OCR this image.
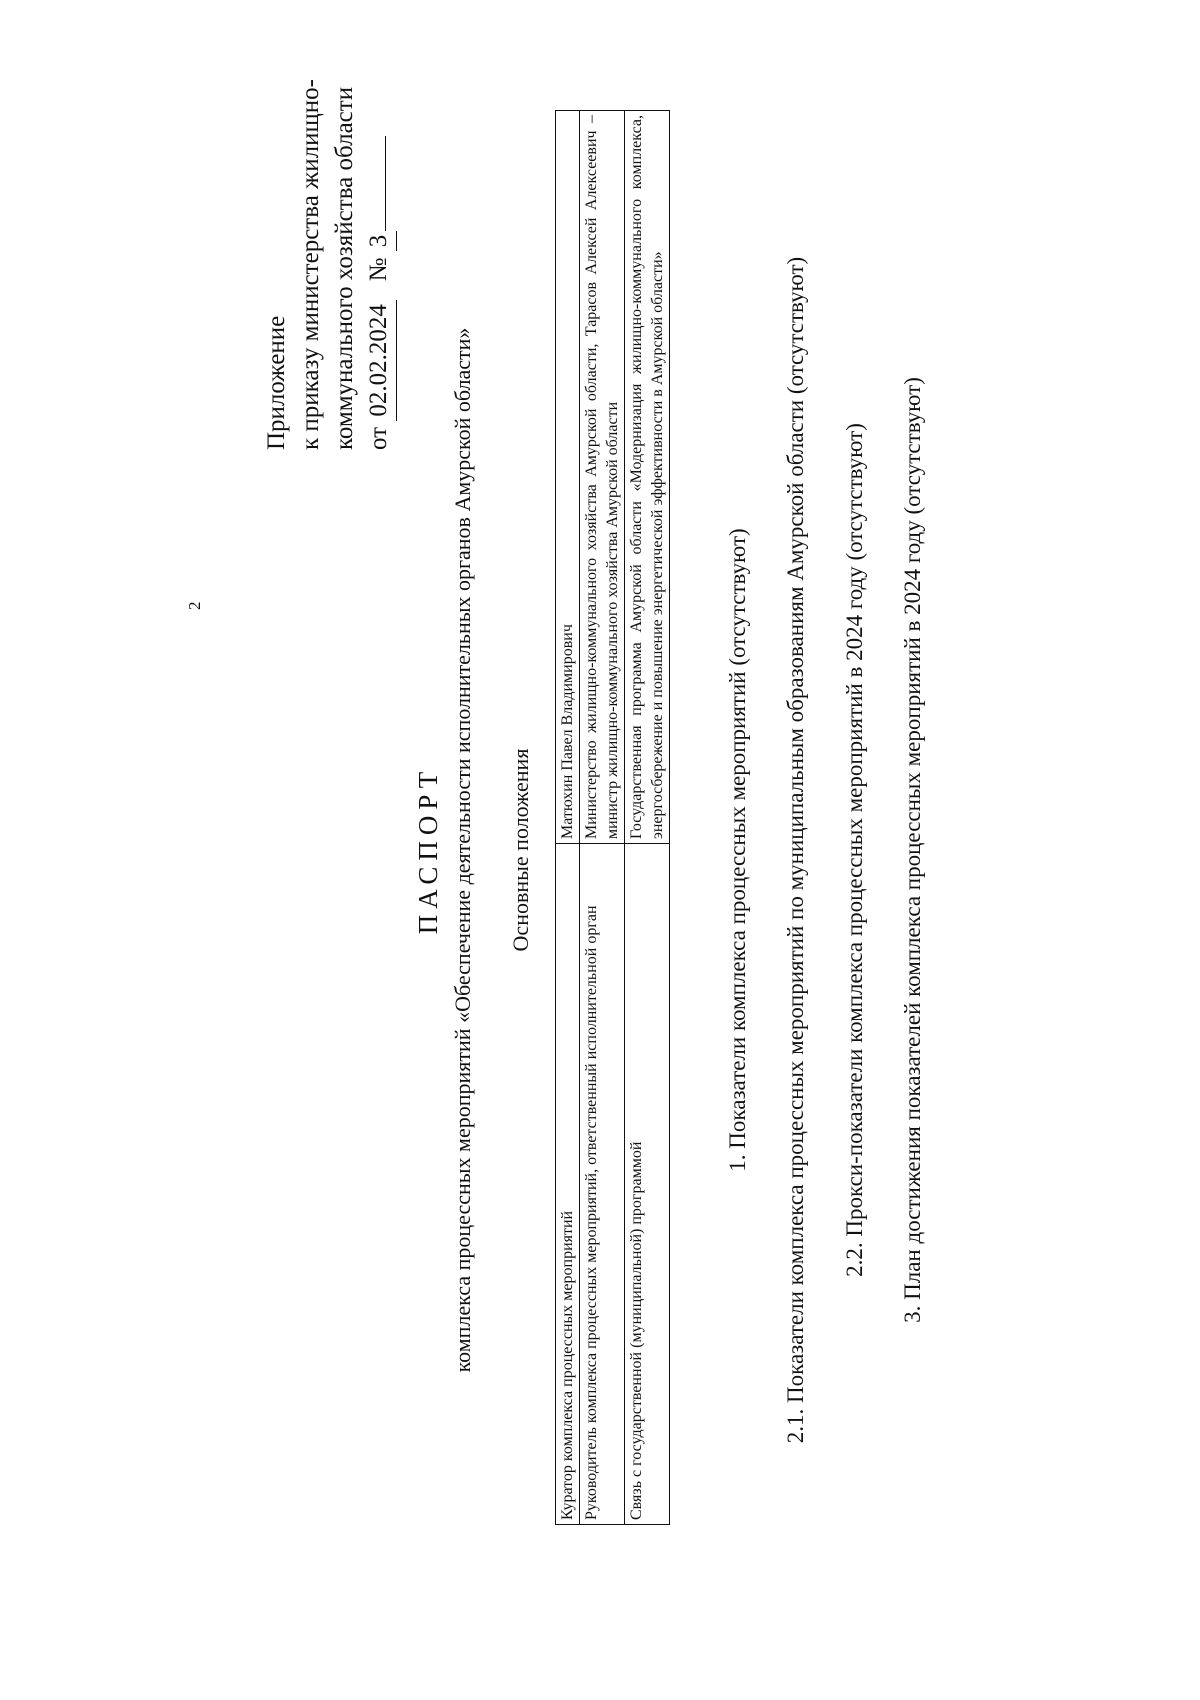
2
Приложение к приказу министерства жилищно- коммунального хозяйства области от 02.02.2024   № 3
ПАСПОРТ комплекса процессных мероприятий «Обеспечение деятельности исполнительных органов Амурской области» Основные положения
Куратор комплекса процессных мероприятий	Матюхин Павел Владимирович
Руководитель комплекса процессных мероприятий, ответственный исполнительной орган	Министерство жилищно-коммунального хозяйства Амурской области, Тарасов Алексей Алексеевич – министр жилищно-коммунального хозяйства Амурской области
Связь с государственной (муниципальной) программой	Государственная программа Амурской области «Модернизация жилищно-коммунального комплекса, энергосбережение и повышение энергетической эффективности в Амурской области»	1. Показатели комплекса процессных мероприятий (отсутствуют) 2.1. Показатели комплекса процессных мероприятий по муниципальным образованиям Амурской области (отсутствуют) 2.2. Прокси-показатели комплекса процессных мероприятий в 2024 году (отсутствуют) 3. План достижения показателей комплекса процессных мероприятий в 2024 году (отсутствуют)
